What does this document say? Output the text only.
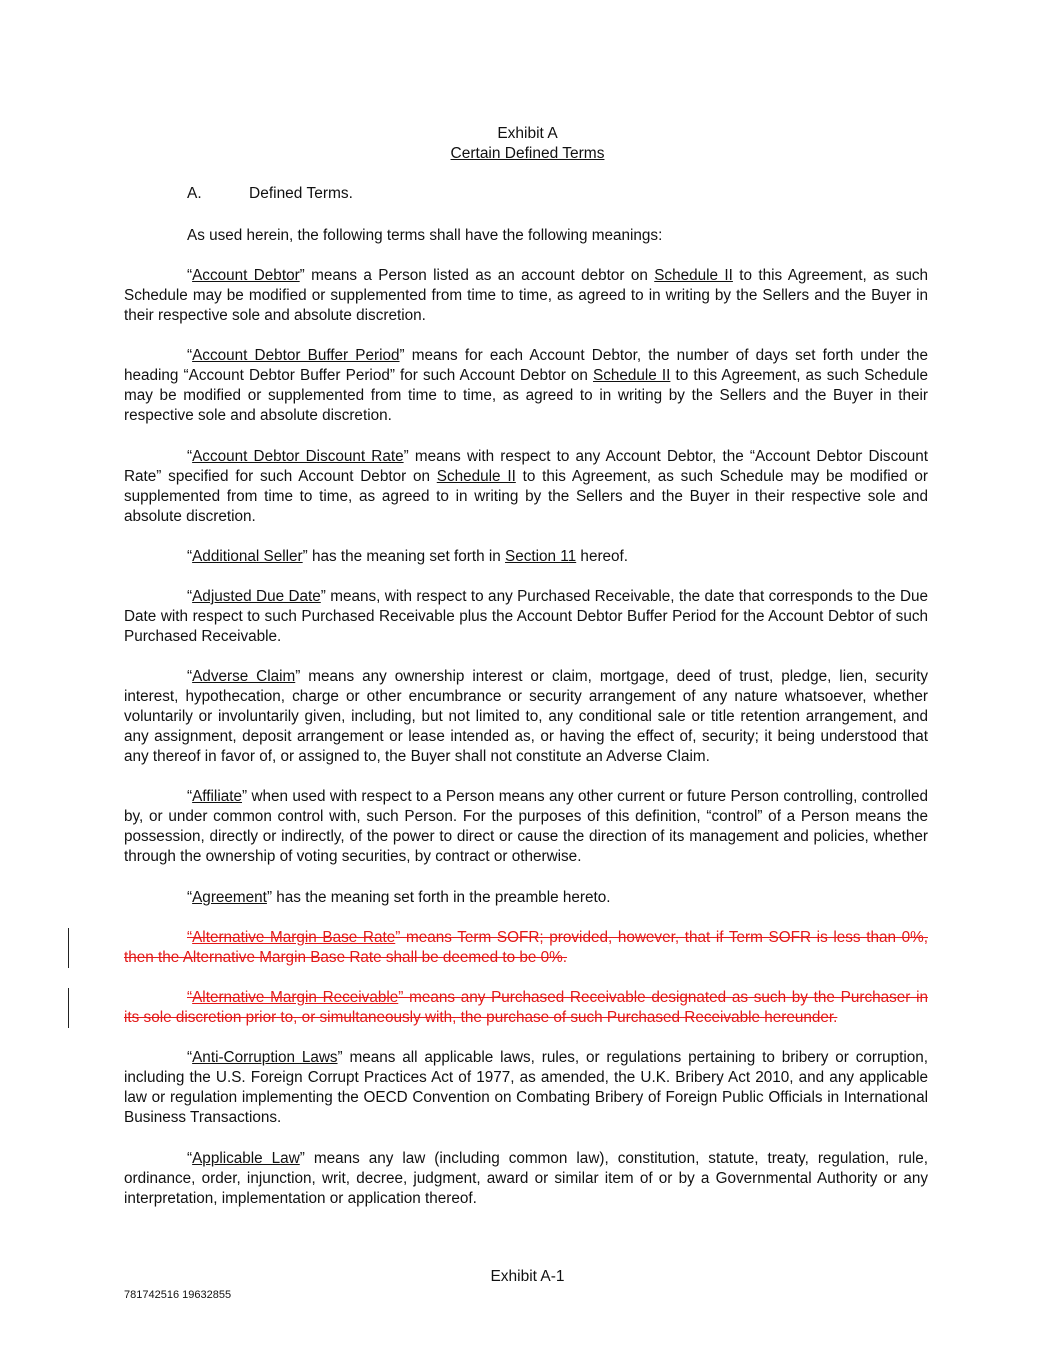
Exhibit A
Certain Defined Terms
A.	Defined Terms.
As used herein, the following terms shall have the following meanings:
“Account Debtor” means a Person listed as an account debtor on Schedule II to this Agreement, as such Schedule may be modified or supplemented from time to time, as agreed to in writing by the Sellers and the Buyer in their respective sole and absolute discretion.
“Account Debtor Buffer Period” means for each Account Debtor, the number of days set forth under the heading “Account Debtor Buffer Period” for such Account Debtor on Schedule II to this Agreement, as such Schedule may be modified or supplemented from time to time, as agreed to in writing by the Sellers and the Buyer in their respective sole and absolute discretion.
“Account Debtor Discount Rate” means with respect to any Account Debtor, the “Account Debtor Discount Rate” specified for such Account Debtor on Schedule II to this Agreement, as such Schedule may be modified or supplemented from time to time, as agreed to in writing by the Sellers and the Buyer in their respective sole and absolute discretion.
“Additional Seller” has the meaning set forth in Section 11 hereof.
“Adjusted Due Date” means, with respect to any Purchased Receivable, the date that corresponds to the Due Date with respect to such Purchased Receivable plus the Account Debtor Buffer Period for the Account Debtor of such Purchased Receivable.
“Adverse Claim” means any ownership interest or claim, mortgage, deed of trust, pledge, lien, security interest, hypothecation, charge or other encumbrance or security arrangement of any nature whatsoever, whether voluntarily or involuntarily given, including, but not limited to, any conditional sale or title retention arrangement, and any assignment, deposit arrangement or lease intended as, or having the effect of, security; it being understood that any thereof in favor of, or assigned to, the Buyer shall not constitute an Adverse Claim.
“Affiliate” when used with respect to a Person means any other current or future Person controlling, controlled by, or under common control with, such Person. For the purposes of this definition, “control” of a Person means the possession, directly or indirectly, of the power to direct or cause the direction of its management and policies, whether through the ownership of voting securities, by contract or otherwise.
“Agreement” has the meaning set forth in the preamble hereto.
“Alternative Margin Base Rate” means Term SOFR; provided, however, that if Term SOFR is less than 0%, then the Alternative Margin Base Rate shall be deemed to be 0%.
“Alternative Margin Receivable” means any Purchased Receivable designated as such by the Purchaser in its sole discretion prior to, or simultaneously with, the purchase of such Purchased Receivable hereunder.
“Anti-Corruption Laws” means all applicable laws, rules, or regulations pertaining to bribery or corruption, including the U.S. Foreign Corrupt Practices Act of 1977, as amended, the U.K. Bribery Act 2010, and any applicable law or regulation implementing the OECD Convention on Combating Bribery of Foreign Public Officials in International Business Transactions.
“Applicable Law” means any law (including common law), constitution, statute, treaty, regulation, rule, ordinance, order, injunction, writ, decree, judgment, award or similar item of or by a Governmental Authority or any interpretation, implementation or application thereof.
Exhibit A-1
781742516 19632855
